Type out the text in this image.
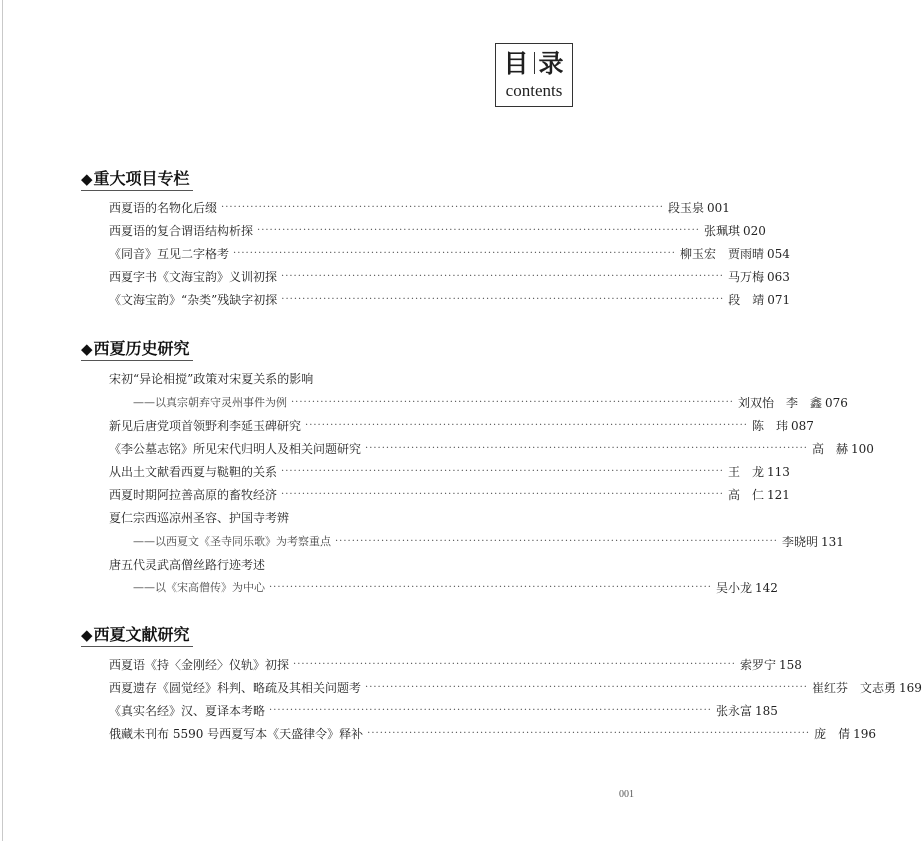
目 录
contents
◆重大项目专栏
西夏语的名物化后缀 ·········································································································· 段玉泉 001
西夏语的复合谓语结构析探 ·········································································································· 张珮琪 020
《同音》互见二字格考 ·········································································································· 柳玉宏　贾雨晴 054
西夏字书《文海宝韵》义训初探 ·········································································································· 马万梅 063
《文海宝韵》“杂类”残缺字初探 ·········································································································· 段　靖 071
◆西夏历史研究
宋初“异论相搅”政策对宋夏关系的影响
——以真宗朝弃守灵州事件为例 ·········································································································· 刘双怡　李　鑫 076
新见后唐党项首领野利李延玉碑研究 ·········································································································· 陈　玮 087
《李公墓志铭》所见宋代归明人及相关问题研究 ·········································································································· 高　赫 100
从出土文献看西夏与鞑靼的关系 ·········································································································· 王　龙 113
西夏时期阿拉善高原的畜牧经济 ·········································································································· 高　仁 121
夏仁宗西巡凉州圣容、护国寺考辨
——以西夏文《圣寺同乐歌》为考察重点 ·········································································································· 李晓明 131
唐五代灵武高僧丝路行迹考述
——以《宋高僧传》为中心 ·········································································································· 吴小龙 142
◆西夏文献研究
西夏语《持〈金刚经〉仪轨》初探 ·········································································································· 索罗宁 158
西夏遗存《圆觉经》科判、略疏及其相关问题考 ·········································································································· 崔红芬　文志勇 169
《真实名经》汉、夏译本考略 ·········································································································· 张永富 185
俄藏未刊布 5590 号西夏写本《天盛律令》释补 ·········································································································· 庞　倩 196
001
